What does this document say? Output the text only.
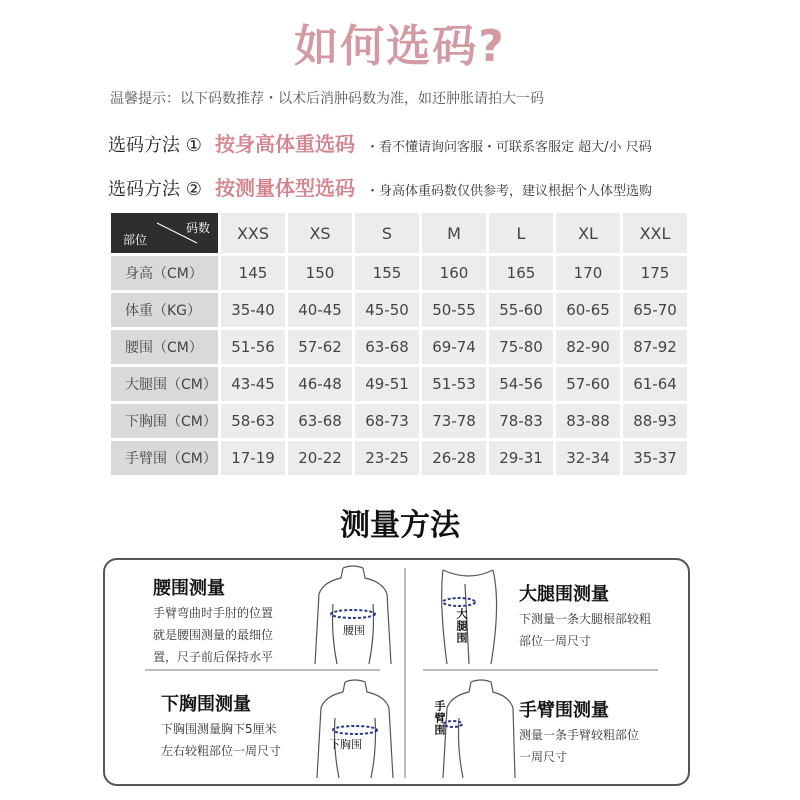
如何选码?
温馨提示：以下码数推荐・以术后消肿码数为准，如还肿胀请拍大一码
选码方法 ① 按身高体重选码 ・看不懂请询问客服・可联系客服定 超大/小 尺码
选码方法 ② 按测量体型选码 ・身高体重码数仅供参考，建议根据个人体型选购
码数
部位	XXS	XS	S	M	L	XL	XXL
身高（CM）	145	150	155	160	165	170	175
体重（KG）	35-40	40-45	45-50	50-55	55-60	60-65	65-70
腰围（CM）	51-56	57-62	63-68	69-74	75-80	82-90	87-92
大腿围（CM）	43-45	46-48	49-51	51-53	54-56	57-60	61-64
下胸围（CM）	58-63	63-68	68-73	73-78	78-83	83-88	88-93
手臂围（CM）	17-19	20-22	23-25	26-28	29-31	32-34	35-37
测量方法
腰围测量
手臂弯曲时手肘的位置
就是腰围测量的最细位
置，尺子前后保持水平
腰围	大腿围
大腿围测量
下测量一条大腿根部较粗
部位一周尺寸
下胸围测量
下胸围测量胸下5厘米
左右较粗部位一周尺寸	下胸围
手臂围	手臂围测量
测量一条手臂较粗部位
一周尺寸
